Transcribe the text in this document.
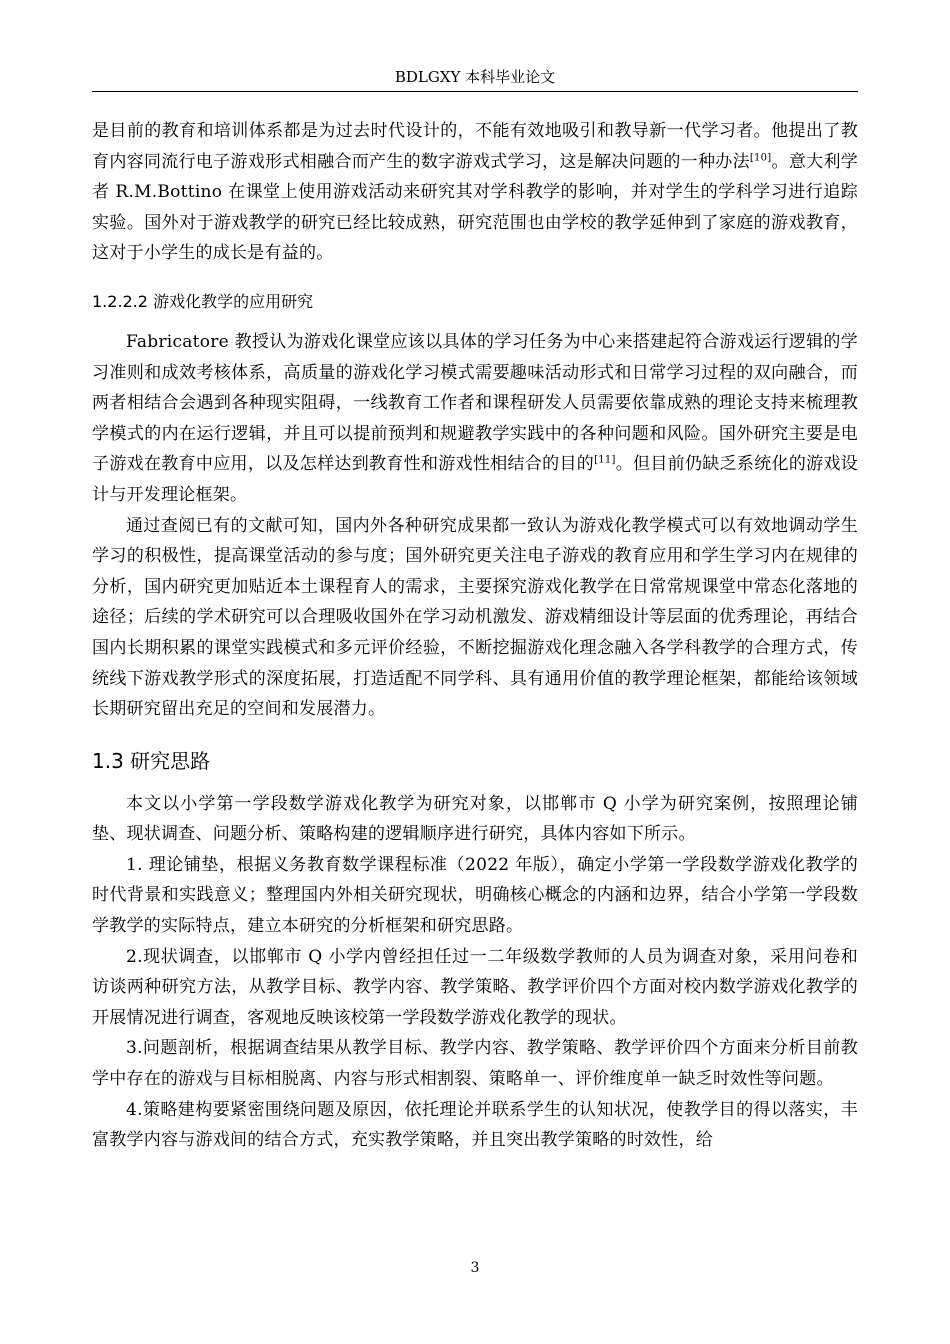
BDLGXY 本科毕业论文

是目前的教育和培训体系都是为过去时代设计的，不能有效地吸引和教导新一代学习者。他提出了教育内容同流行电子游戏形式相融合而产生的数字游戏式学习，这是解决问题的一种办法[10]。意大利学者 R.M.Bottino 在课堂上使用游戏活动来研究其对学科教学的影响，并对学生的学科学习进行追踪实验。国外对于游戏教学的研究已经比较成熟，研究范围也由学校的教学延伸到了家庭的游戏教育，这对于小学生的成长是有益的。

1.2.2.2 游戏化教学的应用研究

Fabricatore 教授认为游戏化课堂应该以具体的学习任务为中心来搭建起符合游戏运行逻辑的学习准则和成效考核体系，高质量的游戏化学习模式需要趣味活动形式和日常学习过程的双向融合，而两者相结合会遇到各种现实阻碍，一线教育工作者和课程研发人员需要依靠成熟的理论支持来梳理教学模式的内在运行逻辑，并且可以提前预判和规避教学实践中的各种问题和风险。国外研究主要是电子游戏在教育中应用，以及怎样达到教育性和游戏性相结合的目的[11]。但目前仍缺乏系统化的游戏设计与开发理论框架。

通过查阅已有的文献可知，国内外各种研究成果都一致认为游戏化教学模式可以有效地调动学生学习的积极性，提高课堂活动的参与度；国外研究更关注电子游戏的教育应用和学生学习内在规律的分析，国内研究更加贴近本土课程育人的需求，主要探究游戏化教学在日常常规课堂中常态化落地的途径；后续的学术研究可以合理吸收国外在学习动机激发、游戏精细设计等层面的优秀理论，再结合国内长期积累的课堂实践模式和多元评价经验，不断挖掘游戏化理念融入各学科教学的合理方式，传统线下游戏教学形式的深度拓展，打造适配不同学科、具有通用价值的教学理论框架，都能给该领域长期研究留出充足的空间和发展潜力。

1.3 研究思路

本文以小学第一学段数学游戏化教学为研究对象，以邯郸市 Q 小学为研究案例，按照理论铺垫、现状调查、问题分析、策略构建的逻辑顺序进行研究，具体内容如下所示。

1. 理论铺垫，根据义务教育数学课程标准（2022 年版），确定小学第一学段数学游戏化教学的时代背景和实践意义；整理国内外相关研究现状，明确核心概念的内涵和边界，结合小学第一学段数学教学的实际特点，建立本研究的分析框架和研究思路。

2.现状调查，以邯郸市 Q 小学内曾经担任过一二年级数学教师的人员为调查对象，采用问卷和访谈两种研究方法，从教学目标、教学内容、教学策略、教学评价四个方面对校内数学游戏化教学的开展情况进行调查，客观地反映该校第一学段数学游戏化教学的现状。

3.问题剖析，根据调查结果从教学目标、教学内容、教学策略、教学评价四个方面来分析目前教学中存在的游戏与目标相脱离、内容与形式相割裂、策略单一、评价维度单一缺乏时效性等问题。

4.策略建构要紧密围绕问题及原因，依托理论并联系学生的认知状况，使教学目的得以落实，丰富教学内容与游戏间的结合方式，充实教学策略，并且突出教学策略的时效性，给

3
